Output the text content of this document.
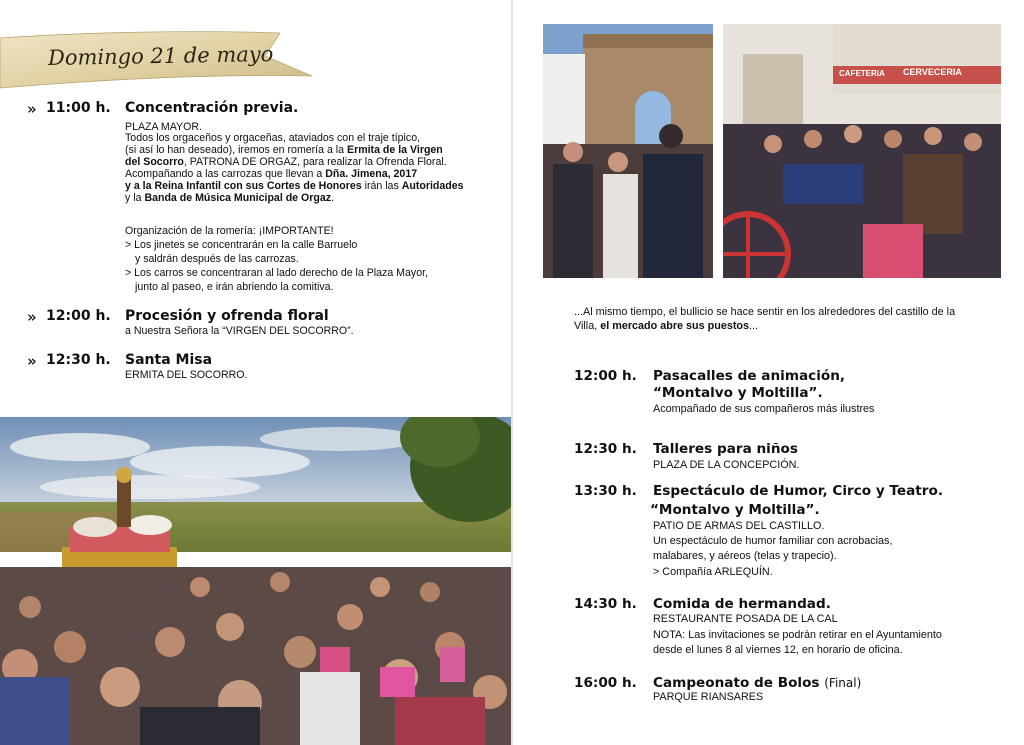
Domingo 21 de mayo
» 11:00 h. Concentración previa.
PLAZA MAYOR.
Todos los orgaceños y orgaceñas, ataviados con el traje típico,
(si así lo han deseado), iremos en romería a la Ermita de la Virgen
del Socorro, PATRONA DE ORGAZ, para realizar la Ofrenda Floral.
Acompañando a las carrozas que llevan a Dña. Jimena, 2017
y a la Reina Infantil con sus Cortes de Honores irán las Autoridades
y la Banda de Música Municipal de Orgaz.
Organización de la romería: ¡IMPORTANTE!
> Los jinetes se concentrarán en la calle Barruelo
y saldrán después de las carrozas.
> Los carros se concentraran al lado derecho de la Plaza Mayor,
junto al paseo, e irán abriendo la comitiva.
» 12:00 h. Procesión y ofrenda floral
a Nuestra Señora la “VIRGEN DEL SOCORRO”.
» 12:30 h. Santa Misa
ERMITA DEL SOCORRO.
CAFETERIA CERVECERIA
...Al mismo tiempo, el bullicio se hace sentir en los alrededores del castillo de la
Villa, el mercado abre sus puestos...
12:00 h. Pasacalles de animación,
“Montalvo y Moltilla”.
Acompañado de sus compañeros más ilustres
12:30 h. Talleres para niños
PLAZA DE LA CONCEPCIÓN.
13:30 h. Espectáculo de Humor, Circo y Teatro.
“Montalvo y Moltilla”.
PATIO DE ARMAS DEL CASTILLO.
Un espectáculo de humor familiar con acrobacias,
malabares, y aéreos (telas y trapecio).
> Compañía ARLEQUÍN.
14:30 h. Comida de hermandad.
RESTAURANTE POSADA DE LA CAL
NOTA: Las invitaciones se podrán retirar en el Ayuntamiento
desde el lunes 8 al viernes 12, en horario de oficina.
16:00 h. Campeonato de Bolos (Final)
PARQUE RIANSARES
